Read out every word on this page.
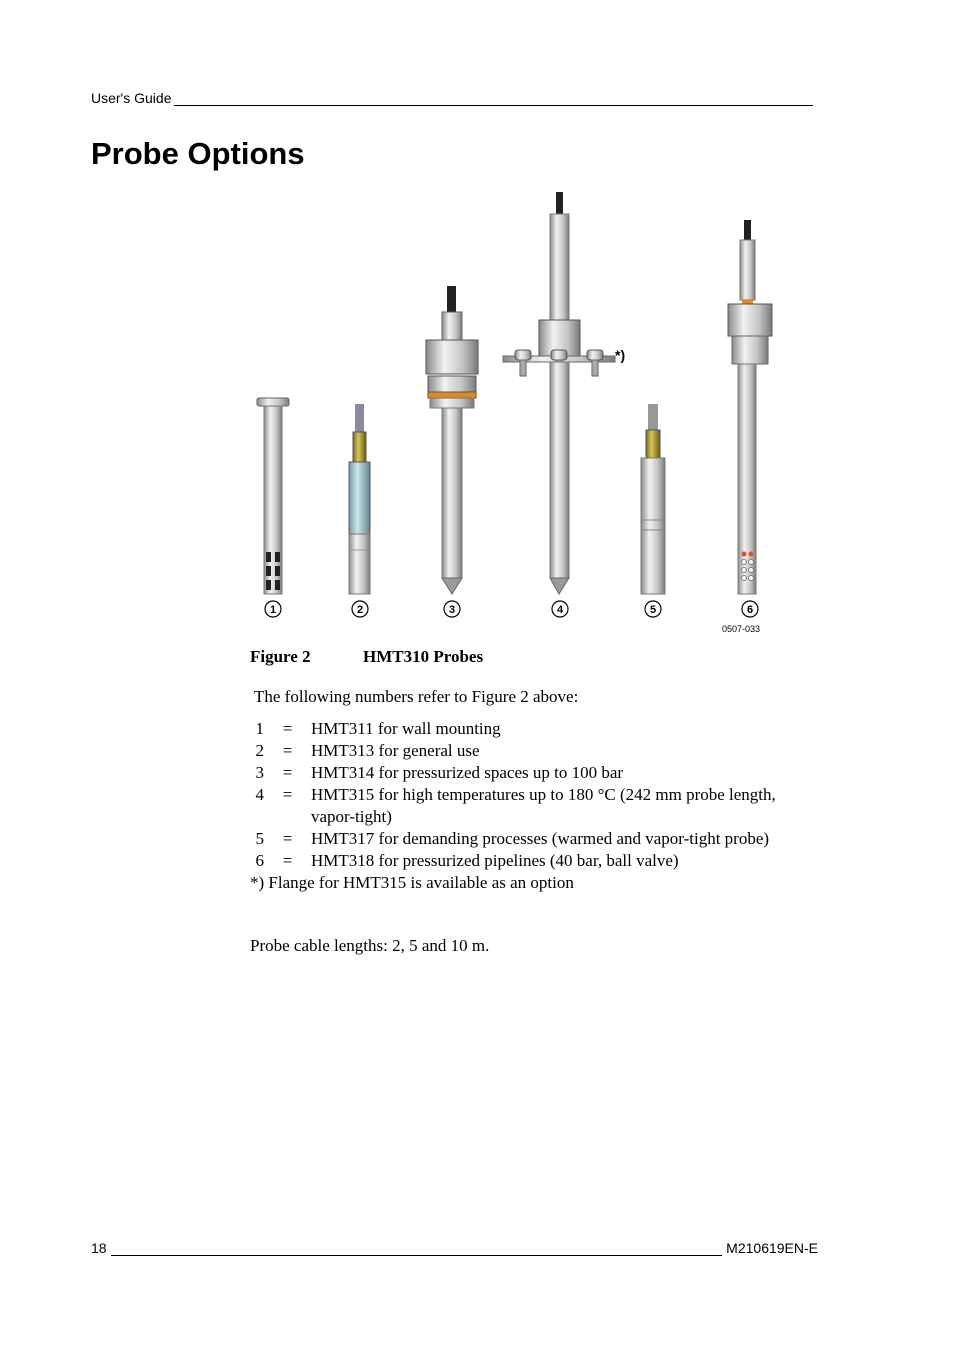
User's Guide
Probe Options
*)
1	2	3	4	5	6
0507-033
Figure 2	HMT310 Probes
The following numbers refer to Figure 2 above:
1	=	HMT311 for wall mounting
2	=	HMT313 for general use
3	=	HMT314 for pressurized spaces up to 100 bar
4	=	HMT315 for high temperatures up to 180 °C (242 mm probe length, vapor-tight)
5	=	HMT317 for demanding processes (warmed and vapor-tight probe)
6	=	HMT318 for pressurized pipelines (40 bar, ball valve)
*) Flange for HMT315 is available as an option
Probe cable lengths: 2, 5 and 10 m.
18	M210619EN-E
